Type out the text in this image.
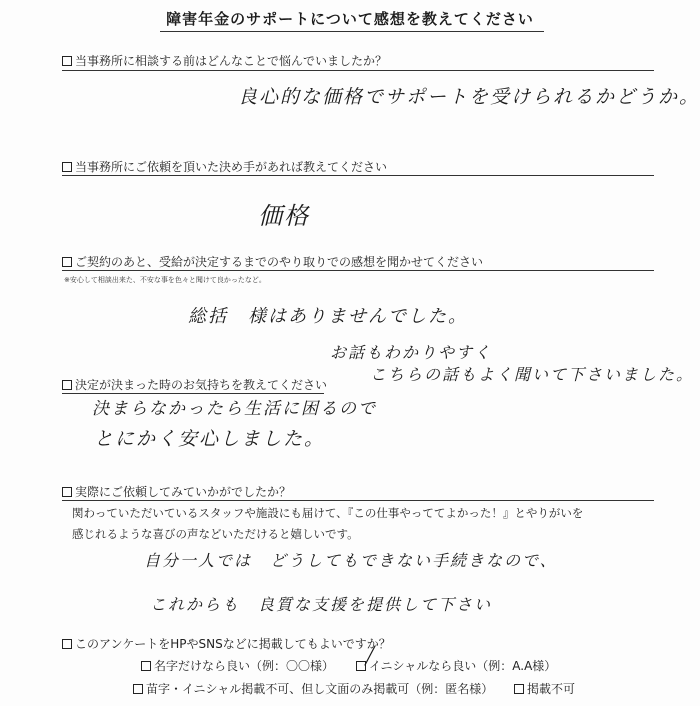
障害年金のサポートについて感想を教えてください
当事務所に相談する前はどんなことで悩んでいましたか？
良心的な価格でサポートを受けられるかどうか。
当事務所にご依頼を頂いた決め手があれば教えてください
価格
ご契約のあと、受給が決定するまでのやり取りでの感想を聞かせてください
※安心して相談出来た、不安な事を色々と聞けて良かったなど。
総括　様はありませんでした。
お話もわかりやすく
こちらの話もよく聞いて下さいました。
決定が決まった時のお気持ちを教えてください
決まらなかったら生活に困るので
とにかく安心しました。
実際にご依頼してみていかがでしたか？
関わっていただいているスタッフや施設にも届けて、『この仕事やっててよかった！』とやりがいを
感じれるような喜びの声などいただけると嬉しいです。
自分一人では　どうしてもできない手続きなので、
これからも　良質な支援を提供して下さい
このアンケートをHPやSNSなどに掲載してもよいですか？
名字だけなら良い（例：〇〇様）	イニシャルなら良い（例：A.A様）
苗字・イニシャル掲載不可、但し文面のみ掲載可（例：匿名様）	掲載不可
